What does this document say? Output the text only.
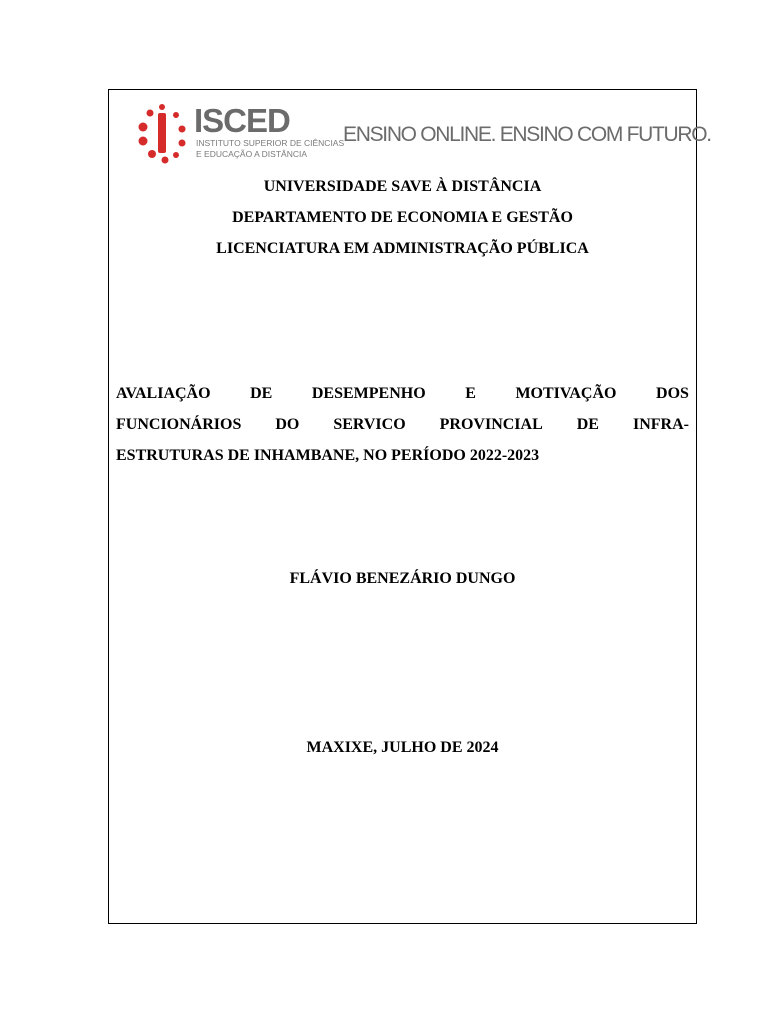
ISCED
INSTITUTO SUPERIOR DE CIÊNCIAS
E EDUCAÇÃO A DISTÂNCIA
ENSINO ONLINE. ENSINO COM FUTURO.
UNIVERSIDADE SAVE À DISTÂNCIA
DEPARTAMENTO DE ECONOMIA E GESTÃO
LICENCIATURA EM ADMINISTRAÇÃO PÚBLICA
AVALIAÇÃO DE DESEMPENHO E MOTIVAÇÃO DOS
FUNCIONÁRIOS DO SERVICO PROVINCIAL DE INFRA-
ESTRUTURAS DE INHAMBANE, NO PERÍODO 2022-2023
FLÁVIO BENEZÁRIO DUNGO
MAXIXE, JULHO DE 2024
